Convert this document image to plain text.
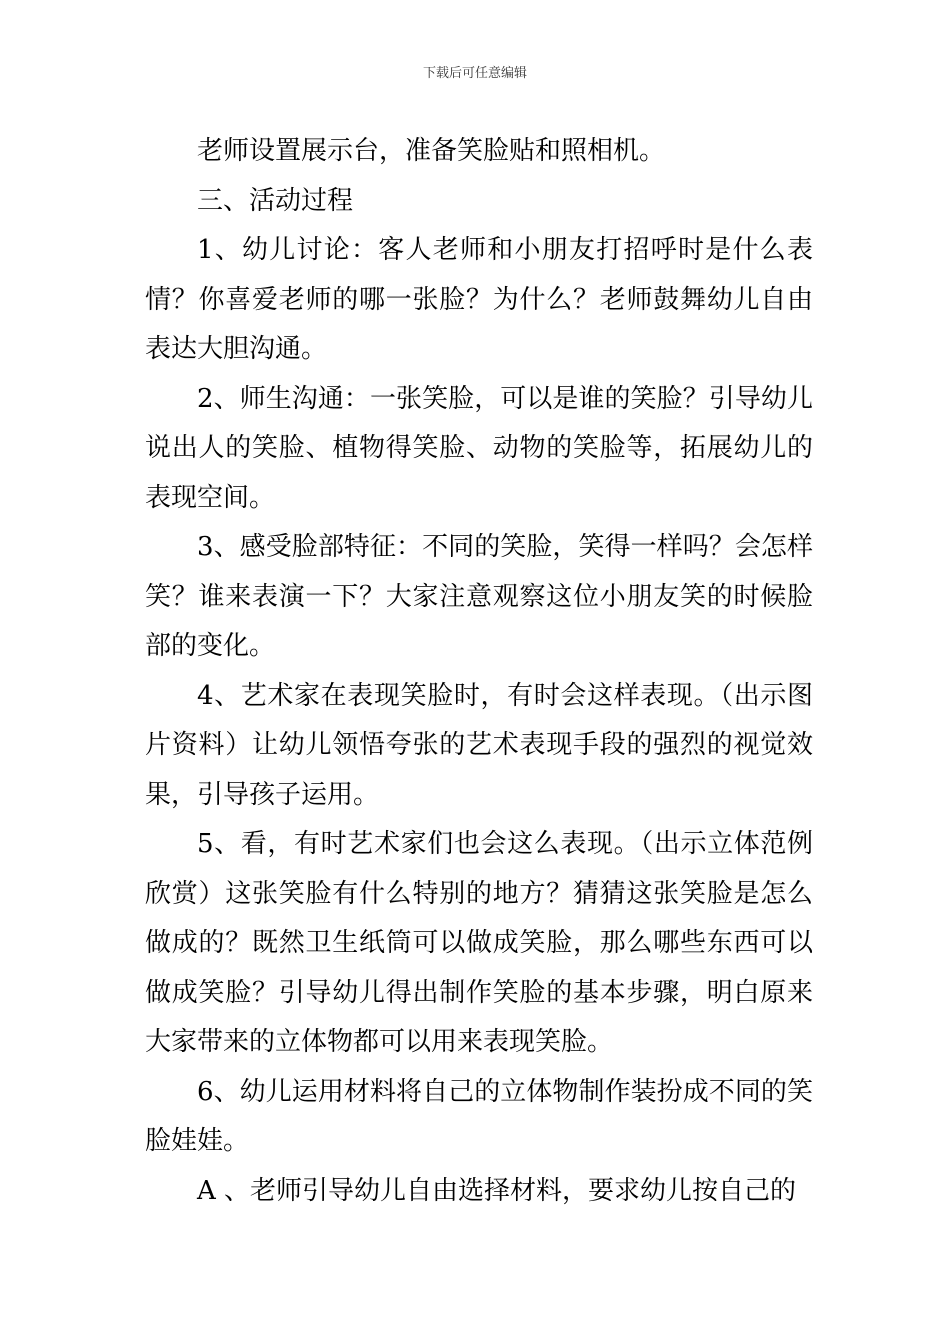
下载后可任意编辑

老师设置展示台，准备笑脸贴和照相机。

三、活动过程

1、幼儿讨论：客人老师和小朋友打招呼时是什么表情？你喜爱老师的哪一张脸？为什么？老师鼓舞幼儿自由表达大胆沟通。

2、师生沟通：一张笑脸，可以是谁的笑脸？引导幼儿说出人的笑脸、植物得笑脸、动物的笑脸等，拓展幼儿的表现空间。

3、感受脸部特征：不同的笑脸，笑得一样吗？会怎样笑？谁来表演一下？大家注意观察这位小朋友笑的时候脸部的变化。

4、艺术家在表现笑脸时，有时会这样表现。（出示图片资料）让幼儿领悟夸张的艺术表现手段的强烈的视觉效果，引导孩子运用。

5、看，有时艺术家们也会这么表现。（出示立体范例欣赏）这张笑脸有什么特别的地方？猜猜这张笑脸是怎么做成的？既然卫生纸筒可以做成笑脸，那么哪些东西可以做成笑脸？引导幼儿得出制作笑脸的基本步骤，明白原来大家带来的立体物都可以用来表现笑脸。

6、幼儿运用材料将自己的立体物制作装扮成不同的笑脸娃娃。

A 、老师引导幼儿自由选择材料，要求幼儿按自己的
